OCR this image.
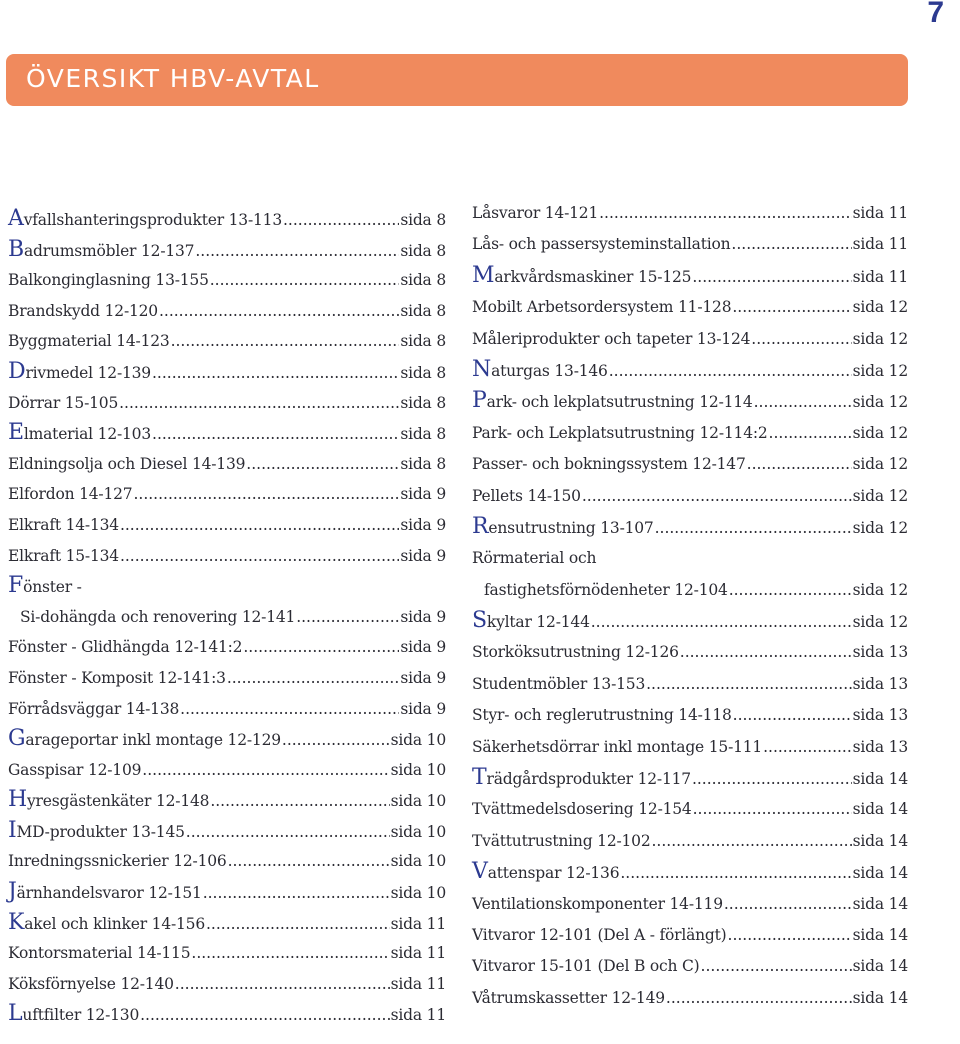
7
ÖVERSIKT HBV-AVTAL
A vfallshanteringsprodukter 13-113 .....	sida 8
B adrumsmöbler 12-137 .....	sida 8
Balkonginglasning 13-155 .....	sida 8
Brandskydd 12-120 .....	sida 8
Byggmaterial 14-123 .....	sida 8
D rivmedel 12-139 .....	sida 8
Dörrar 15-105 .....	sida 8
E lmaterial 12-103 .....	sida 8
Eldningsolja och Diesel 14-139 .....	sida 8
Elfordon 14-127 .....	sida 9
Elkraft 14-134 .....	sida 9
Elkraft 15-134 .....	sida 9
F önster -
Si-dohängda och renovering 12-141 .....	sida 9
Fönster - Glidhängda 12-141:2 .....	sida 9
Fönster - Komposit 12-141:3 .....	sida 9
Förrådsväggar 14-138 .....	sida 9
G arageportar inkl montage 12-129 .....	sida 10
Gasspisar 12-109 .....	sida 10
H yresgästenkäter 12-148 .....	sida 10
I MD-produkter 13-145 .....	sida 10
Inredningssnickerier 12-106 .....	sida 10
J ärnhandelsvaror 12-151 .....	sida 10
K akel och klinker 14-156 .....	sida 11
Kontorsmaterial 14-115 .....	sida 11
Köksförnyelse 12-140 .....	sida 11
L uftfilter 12-130 .....	sida 11
Låsvaror 14-121 .....	sida 11
Lås- och passersysteminstallation .....	sida 11
M arkvårdsmaskiner 15-125 .....	sida 11
Mobilt Arbetsordersystem 11-128 .....	sida 12
Måleriprodukter och tapeter 13-124 .....	sida 12
N aturgas 13-146 .....	sida 12
P ark- och lekplatsutrustning 12-114 .....	sida 12
Park- och Lekplatsutrustning 12-114:2 .....	sida 12
Passer- och bokningssystem 12-147 .....	sida 12
Pellets 14-150 .....	sida 12
R ensutrustning 13-107 .....	sida 12
Rörmaterial och
fastighetsförnödenheter 12-104 .....	sida 12
S kyltar 12-144 .....	sida 12
Storköksutrustning 12-126 .....	sida 13
Studentmöbler 13-153 .....	sida 13
Styr- och reglerutrustning 14-118 .....	sida 13
Säkerhetsdörrar inkl montage 15-111 .....	sida 13
T rädgårdsprodukter 12-117 .....	sida 14
Tvättmedelsdosering 12-154 .....	sida 14
Tvättutrustning 12-102 .....	sida 14
V attenspar 12-136 .....	sida 14
Ventilationskomponenter 14-119 .....	sida 14
Vitvaror 12-101 (Del A - förlängt) .....	sida 14
Vitvaror 15-101 (Del B och C) .....	sida 14
Våtrumskassetter 12-149 .....	sida 14
